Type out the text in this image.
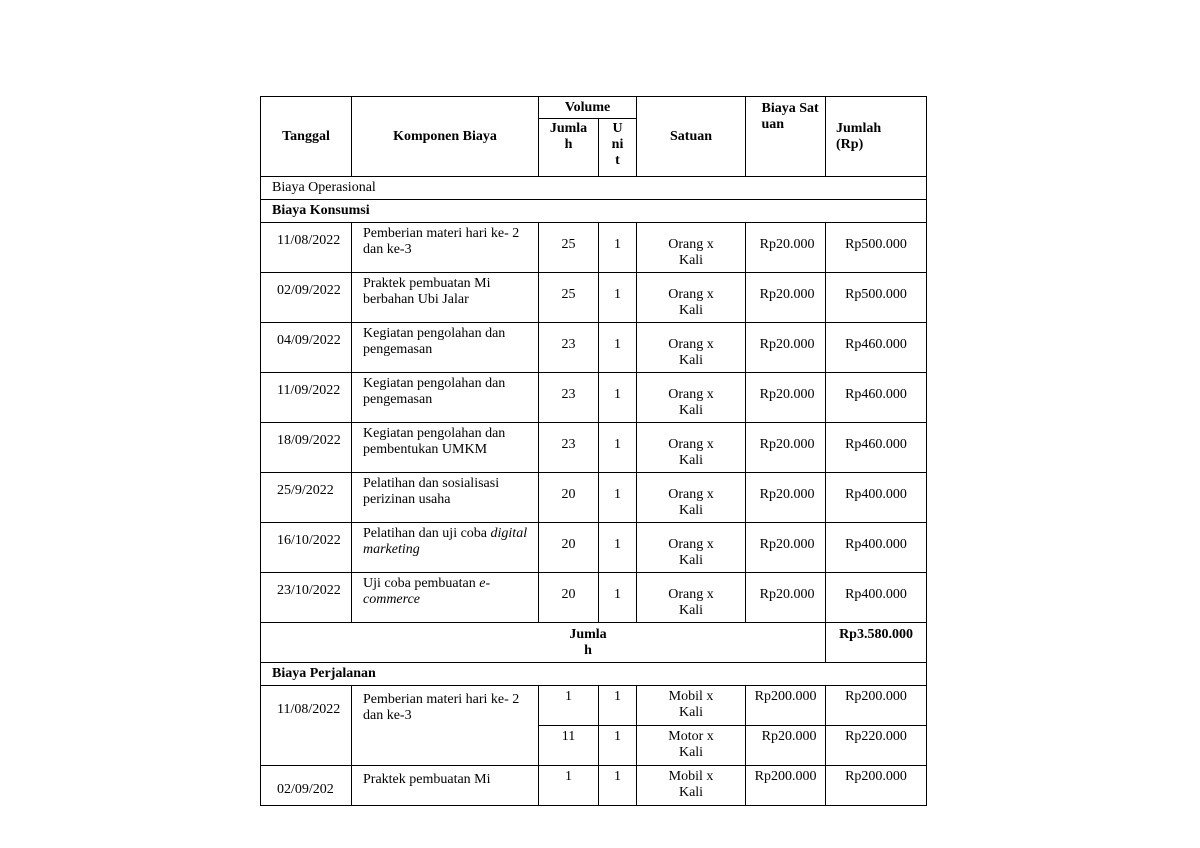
Tanggal	Komponen Biaya	Volume		Satuan	Biaya Satuan	Jumlah (Rp)

		Jumlah	Unit			

Biaya Operasional						
Biaya Konsumsi						

11/08/2022	Pemberian materi hari ke- 2 dan ke-3	25	1	Orang x Kali	Rp20.000	Rp500.000

02/09/2022	Praktek pembuatan Mi berbahan Ubi Jalar	25	1	Orang x Kali	Rp20.000	Rp500.000

04/09/2022	Kegiatan pengolahan dan pengemasan	23	1	Orang x Kali	Rp20.000	Rp460.000

11/09/2022	Kegiatan pengolahan dan pengemasan	23	1	Orang x Kali	Rp20.000	Rp460.000

18/09/2022	Kegiatan pengolahan dan pembentukan UMKM	23	1	Orang x Kali	Rp20.000	Rp460.000

25/9/2022	Pelatihan dan sosialisasi perizinan usaha	20	1	Orang x Kali	Rp20.000	Rp400.000

16/10/2022	Pelatihan dan uji coba digital marketing	20	1	Orang x Kali	Rp20.000	Rp400.000

23/10/2022	Uji coba pembuatan e-commerce	20	1	Orang x Kali	Rp20.000	Rp400.000

Jumlah						Rp3.580.000

Biaya Perjalanan						

11/08/2022	Pemberian materi hari ke- 2 dan ke-3	1	1	Mobil x Kali	Rp200.000	Rp200.000
		11	1	Motor x Kali	Rp20.000	Rp220.000

02/09/202	Praktek pembuatan Mi	1	1	Mobil x Kali	Rp200.000	Rp200.000
